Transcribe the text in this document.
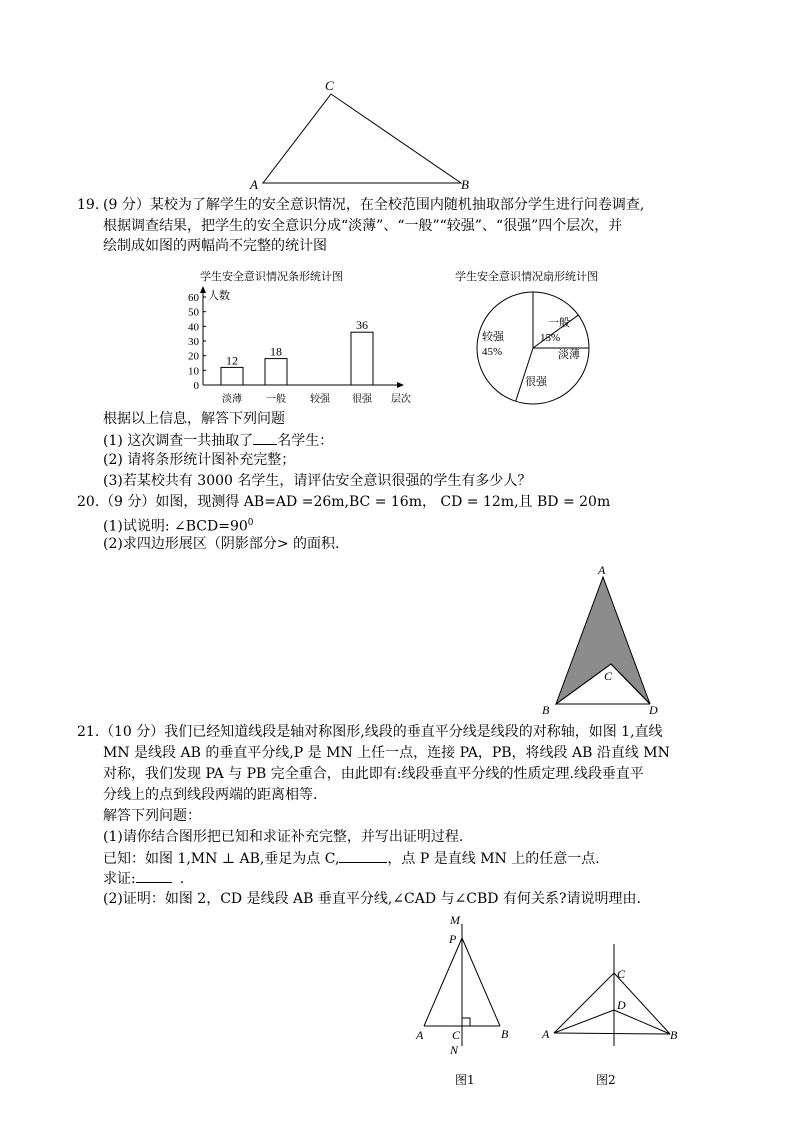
C
A	B
19. (9 分）某校为了解学生的安全意识情况，在全校范围内随机抽取部分学生进行问卷调查,
根据调查结果，把学生的安全意识分成“淡薄”、“一般”“较强”、“很强”四个层次，并
绘制成如图的两幅尚不完整的统计图
学生安全意识情况条形统计图
0
10
20
30
40
50
60 人数
层次
12
淡薄
18
一般 较强
36
很强
学生安全意识情况扇形统计图
较强
45%
一般
15%
淡薄
很强
根据以上信息，解答下列问题
(1) 这次调查一共抽取了 名学生：
(2) 请将条形统计图补充完整；
(3)若某校共有 3000 名学生，请评估安全意识很强的学生有多少人？
20. （9 分）如图，现测得 AB=AD =26m,BC = 16m， CD = 12m,且 BD = 20m
(1)试说明: $\angle BCD=90^0$
(2)求四边形展区（阴影部分> 的面积.
A
C
B	D
21. （10 分）我们已经知道线段是轴对称图形,线段的垂直平分线是线段的对称轴，如图 1,直线
MN 是线段 AB 的垂直平分线,P 是 MN 上任一点，连接 PA，PB，将线段 AB 沿直线 MN
对称，我们发现 PA 与 PB 完全重合，由此即有:线段垂直平分线的性质定理.线段垂直平
分线上的点到线段两端的距离相等.
解答下列问题：
(1)请你结合图形把已知和求证补充完整，并写出证明过程.
已知：如图 1,MN ⊥ AB,垂足为点 C,	，点 P 是直线 MN 上的任意一点.
求证:	.
(2)证明：如图 2，CD 是线段 AB 垂直平分线,∠CAD 与∠CBD 有何关系?请说明理由.
M
P
A C	B
N
图1
C
D
A	B
图2
